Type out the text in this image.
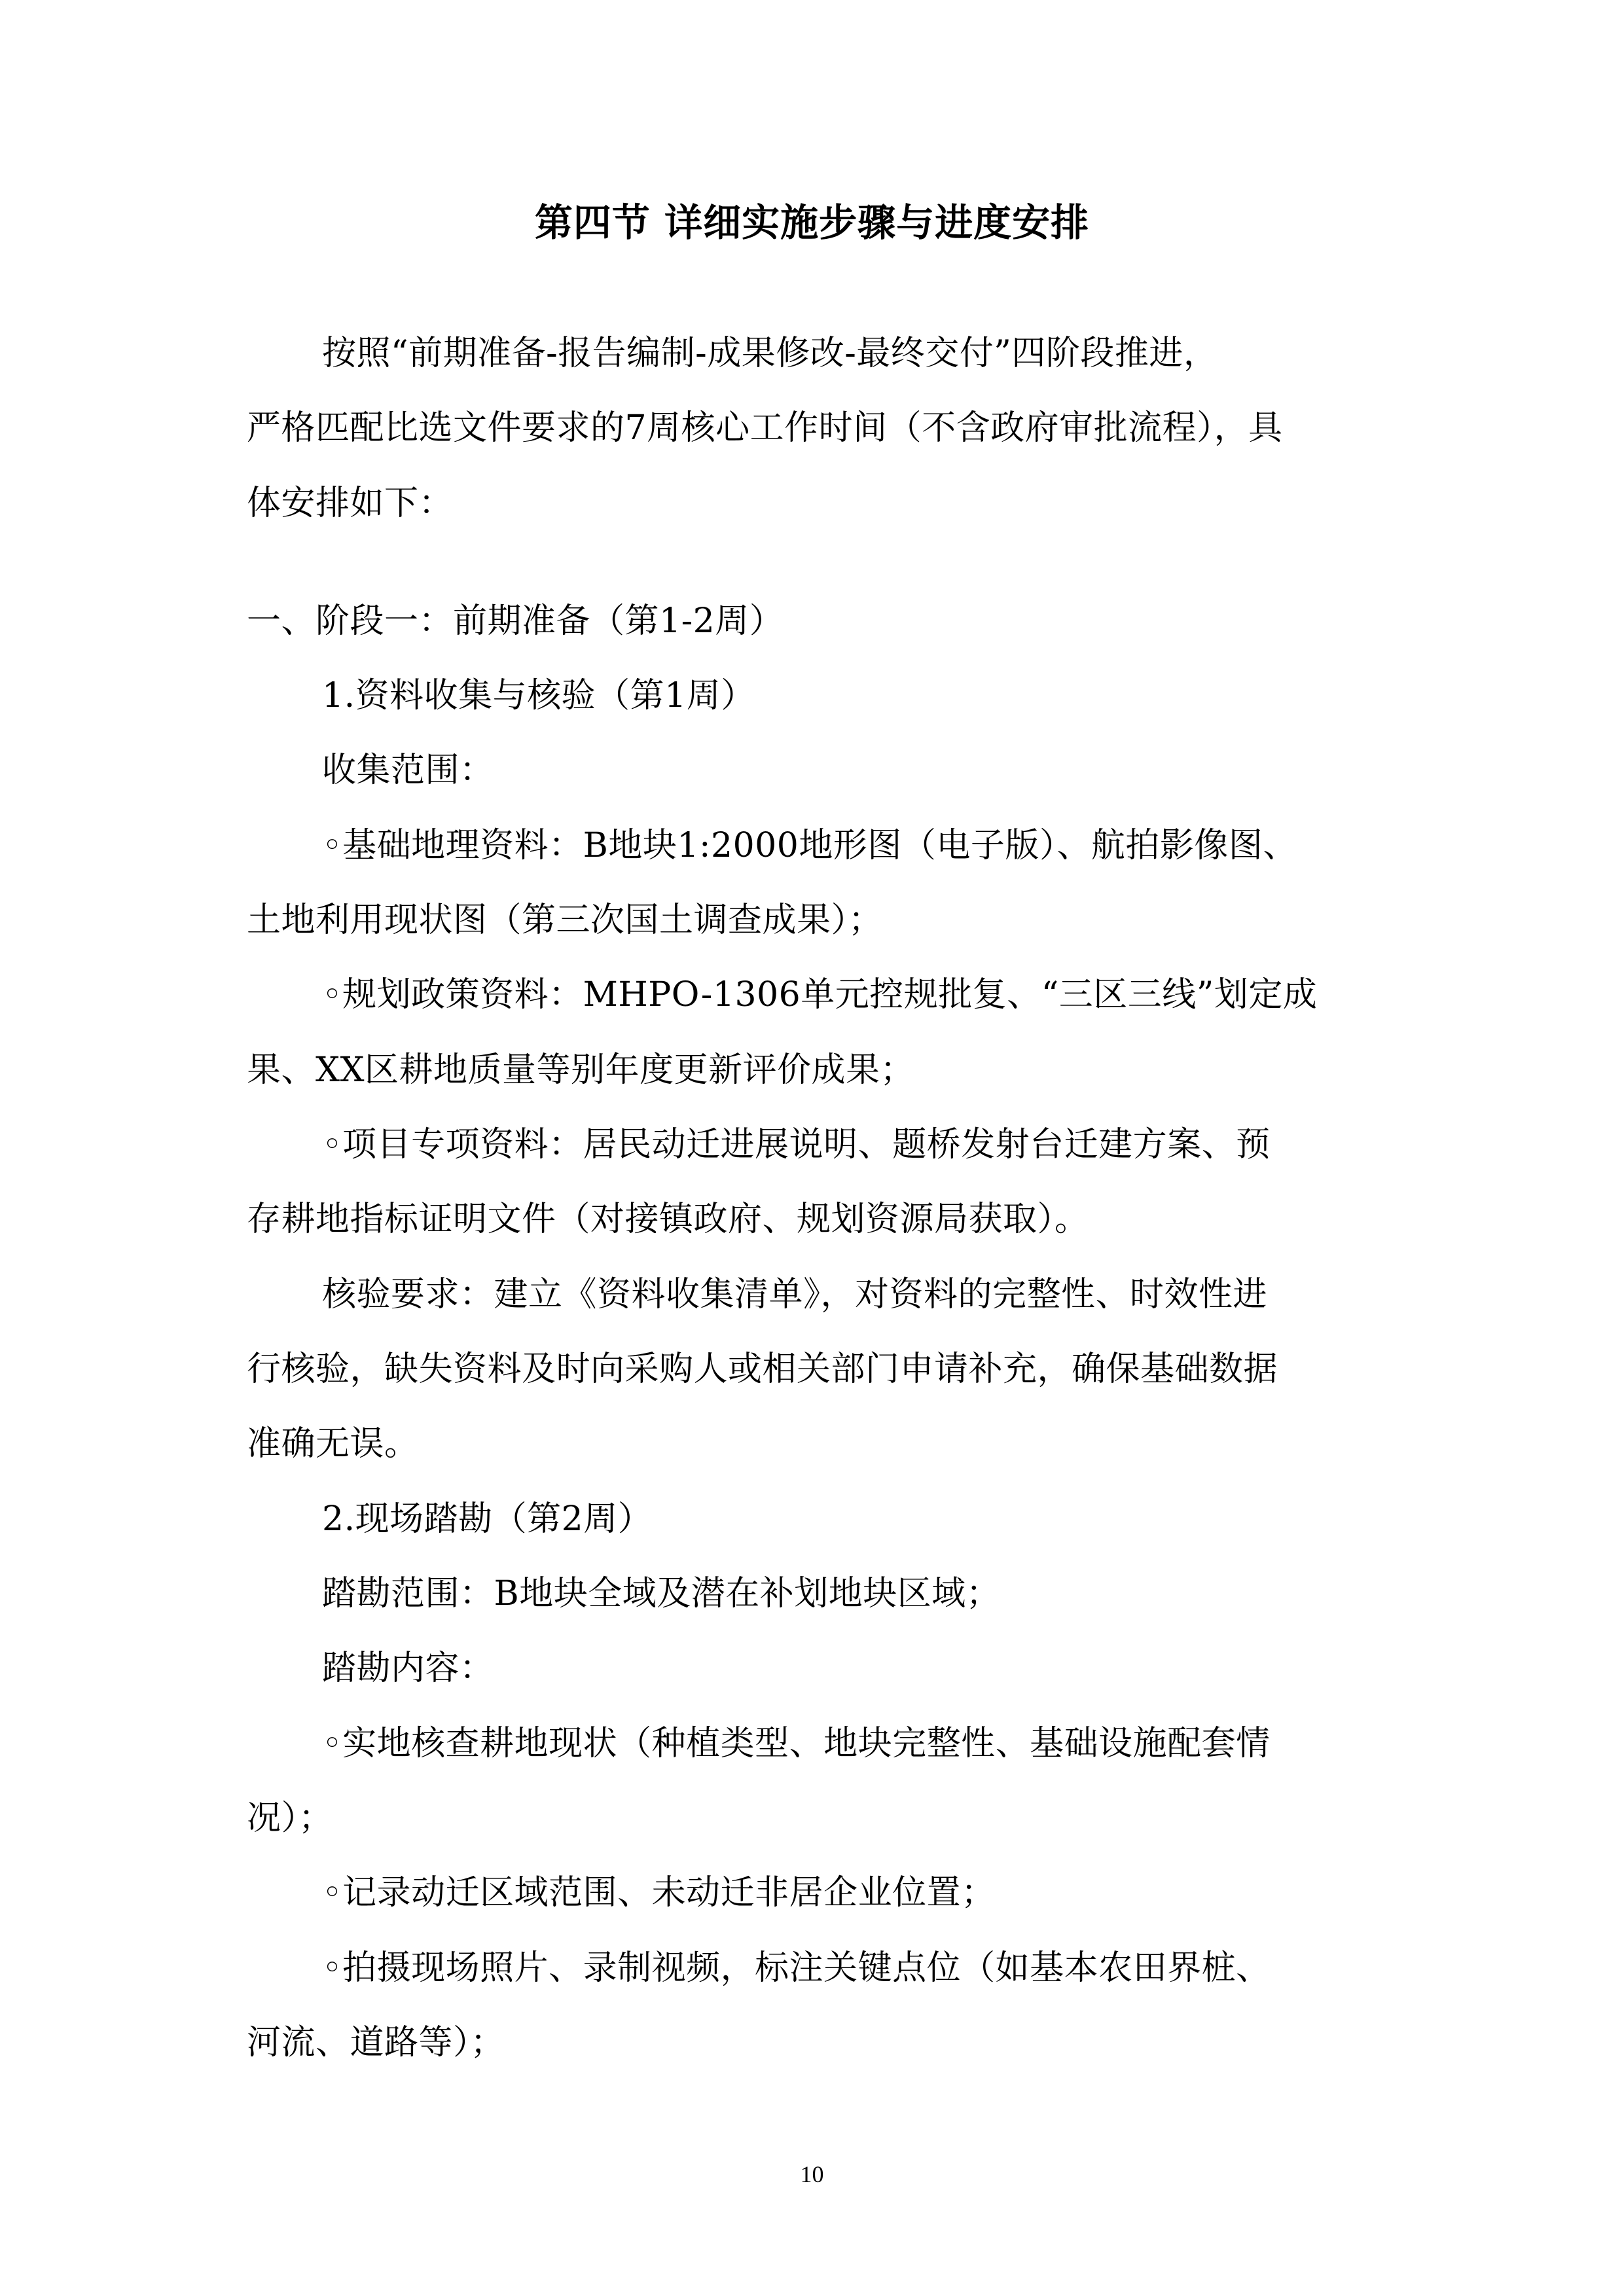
第四节 详细实施步骤与进度安排
按照“前期准备-报告编制-成果修改-最终交付”四阶段推进，
严格匹配比选文件要求的7周核心工作时间（不含政府审批流程），具
体安排如下：
一、阶段一：前期准备（第1-2周）
1.资料收集与核验（第1周）
收集范围：
◦基础地理资料：B地块1:2000地形图（电子版）、航拍影像图、
土地利用现状图（第三次国土调查成果）；
◦规划政策资料：MHPO-1306单元控规批复、“三区三线”划定成
果、XX区耕地质量等别年度更新评价成果；
◦项目专项资料：居民动迁进展说明、题桥发射台迁建方案、预
存耕地指标证明文件（对接镇政府、规划资源局获取）。
核验要求：建立《资料收集清单》，对资料的完整性、时效性进
行核验，缺失资料及时向采购人或相关部门申请补充，确保基础数据
准确无误。
2.现场踏勘（第2周）
踏勘范围：B地块全域及潜在补划地块区域；
踏勘内容：
◦实地核查耕地现状（种植类型、地块完整性、基础设施配套情
况）；
◦记录动迁区域范围、未动迁非居企业位置；
◦拍摄现场照片、录制视频，标注关键点位（如基本农田界桩、
河流、道路等）；
10
